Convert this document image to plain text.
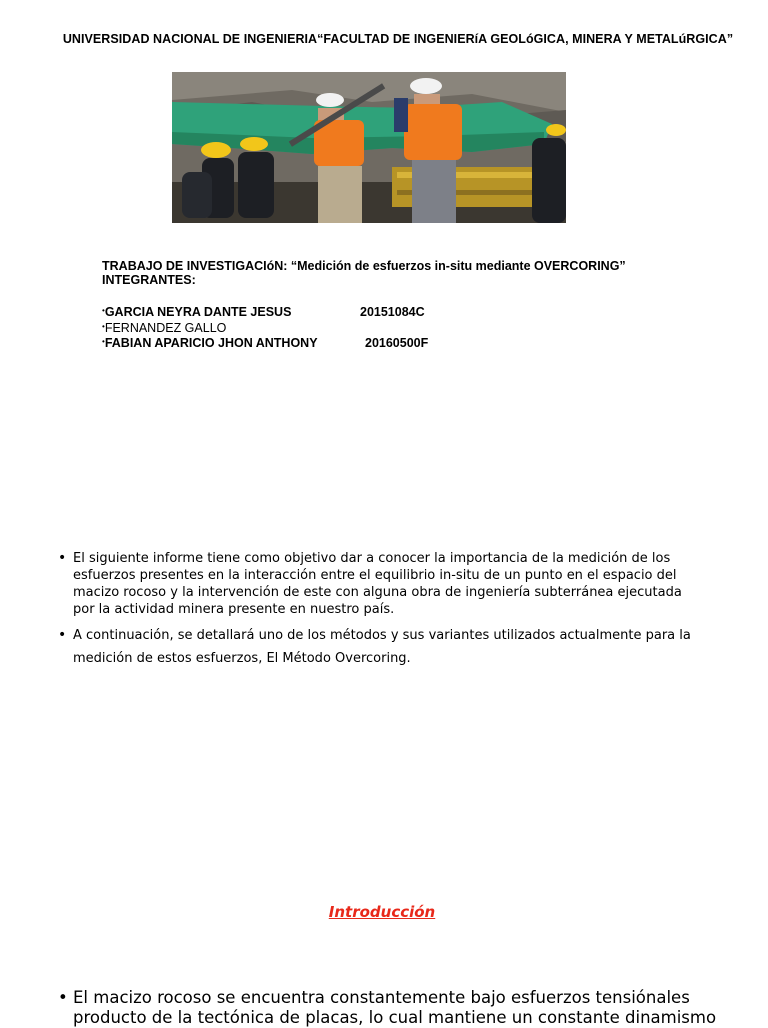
UNIVERSIDAD NACIONAL DE INGENIERIA“FACULTAD DE INGENIERíA GEOLóGICA, MINERA Y METALúRGICA”
TRABAJO DE INVESTIGACIóN: “Medición de esfuerzos in-situ mediante OVERCORING”
INTEGRANTES:
•GARCIA NEYRA DANTE JESUS	20151084C
•FERNANDEZ GALLO
•FABIAN APARICIO JHON ANTHONY	20160500F
• El siguiente informe tiene como objetivo dar a conocer la importancia de la medición de los esfuerzos presentes en la interacción entre el equilibrio in-situ de un punto en el espacio del macizo rocoso y la intervención de este con alguna obra de ingeniería subterránea ejecutada por la actividad minera presente en nuestro país.
• A continuación, se detallará uno de los métodos y sus variantes utilizados actualmente para la medición de estos esfuerzos, El Método Overcoring.
Introducción
• El macizo rocoso se encuentra constantemente bajo esfuerzos tensiónales producto de la tectónica de placas, lo cual mantiene un constante dinamismo
